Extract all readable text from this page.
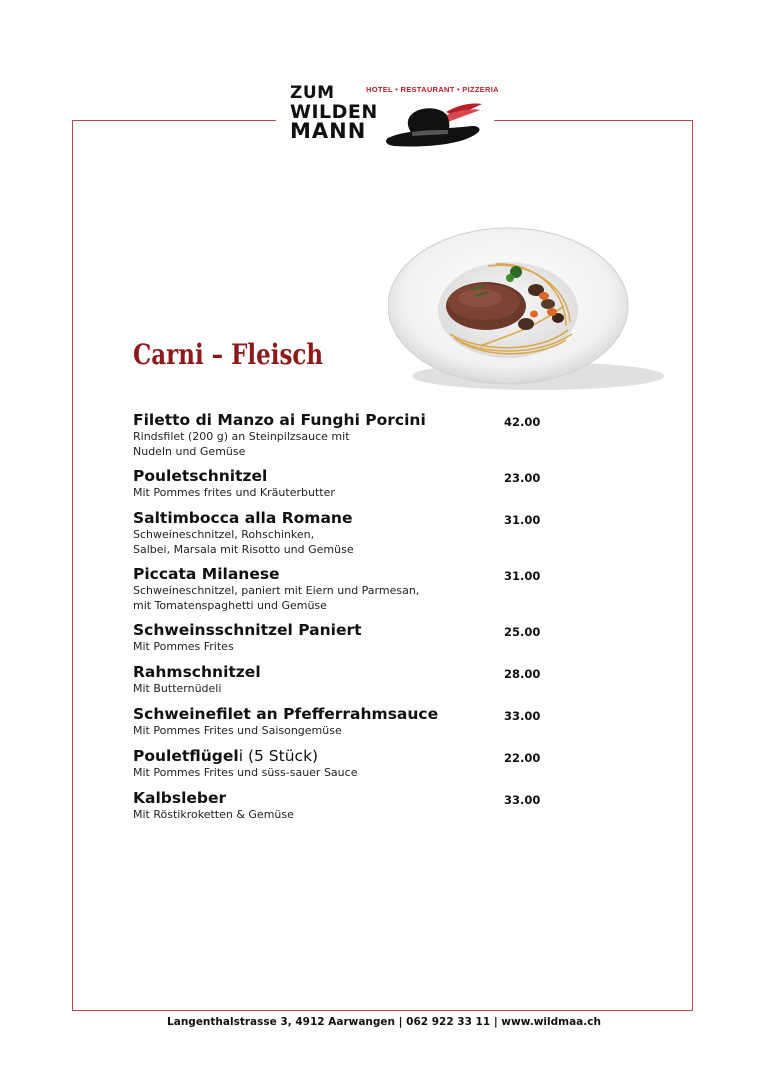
ZUM
WILDEN
MANN
HOTEL • RESTAURANT • PIZZERIA
Carni – Fleisch
Filetto di Manzo ai Funghi Porcini
Rindsfilet (200 g) an Steinpilzsauce mit
Nudeln und Gemüse
42.00
Pouletschnitzel
Mit Pommes frites und Kräuterbutter
23.00
Saltimbocca alla Romane
Schweineschnitzel, Rohschinken,
Salbei, Marsala mit Risotto und Gemüse
31.00
Piccata Milanese
Schweineschnitzel, paniert mit Eiern und Parmesan,
mit Tomatenspaghetti und Gemüse
31.00
Schweinsschnitzel Paniert
Mit Pommes Frites
25.00
Rahmschnitzel
Mit Butternüdeli
28.00
Schweinefilet an Pfefferrahmsauce
Mit Pommes Frites und Saisongemüse
33.00
Pouletflügeli (5 Stück)
Mit Pommes Frites und süss-sauer Sauce
22.00
Kalbsleber
Mit Röstikroketten & Gemüse
33.00
Langenthalstrasse 3, 4912 Aarwangen | 062 922 33 11 | www.wildmaa.ch
